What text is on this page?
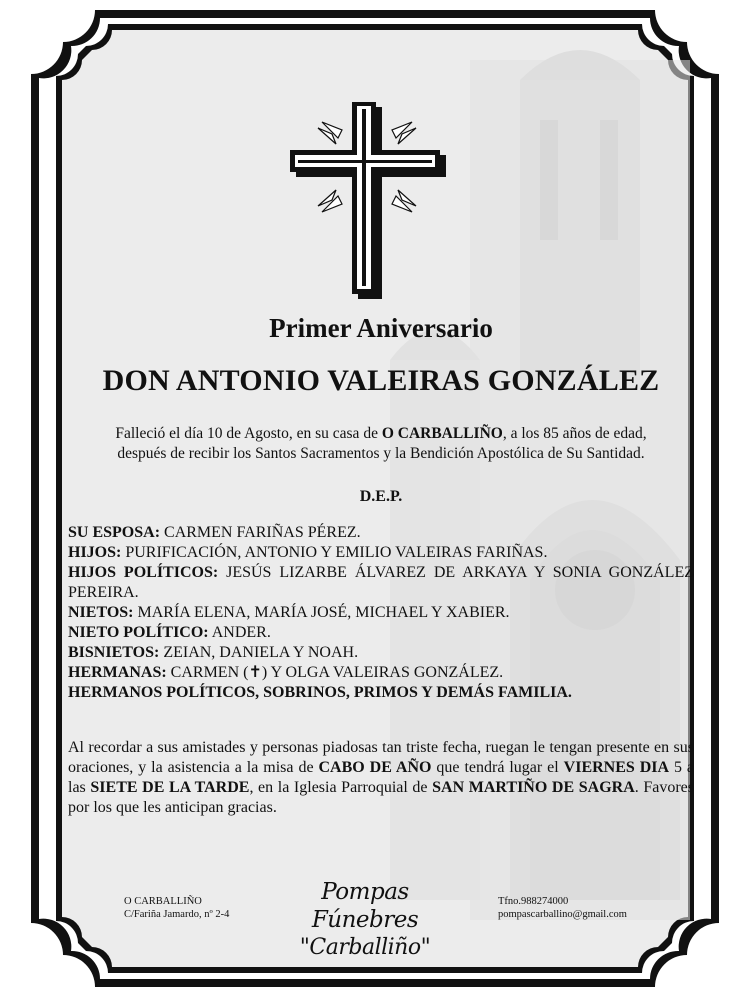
Primer Aniversario
DON ANTONIO VALEIRAS GONZÁLEZ
Falleció el día 10 de Agosto, en su casa de O CARBALLIÑO, a los 85 años de edad,
después de recibir los Santos Sacramentos y la Bendición Apostólica de Su Santidad.
D.E.P.
SU ESPOSA: CARMEN FARIÑAS PÉREZ.
HIJOS: PURIFICACIÓN, ANTONIO Y EMILIO VALEIRAS FARIÑAS.
HIJOS POLÍTICOS: JESÚS LIZARBE ÁLVAREZ DE ARKAYA Y SONIA GONZÁLEZ PEREIRA.
NIETOS: MARÍA ELENA, MARÍA JOSÉ, MICHAEL Y XABIER.
NIETO POLÍTICO: ANDER.
BISNIETOS: ZEIAN, DANIELA Y NOAH.
HERMANAS: CARMEN (✝) Y OLGA VALEIRAS GONZÁLEZ.
HERMANOS POLÍTICOS, SOBRINOS, PRIMOS Y DEMÁS FAMILIA.
Al recordar a sus amistades y personas piadosas tan triste fecha, ruegan le tengan presente en sus oraciones, y la asistencia a la misa de CABO DE AÑO que tendrá lugar el VIERNES DIA 5 a las SIETE DE LA TARDE, en la Iglesia Parroquial de SAN MARTIÑO DE SAGRA. Favores por los que les anticipan gracias.
O CARBALLIÑO
C/Fariña Jamardo, nº 2-4
Pompas Fúnebres
"Carballiño"
Tfno.988274000
pompascarballino@gmail.com
